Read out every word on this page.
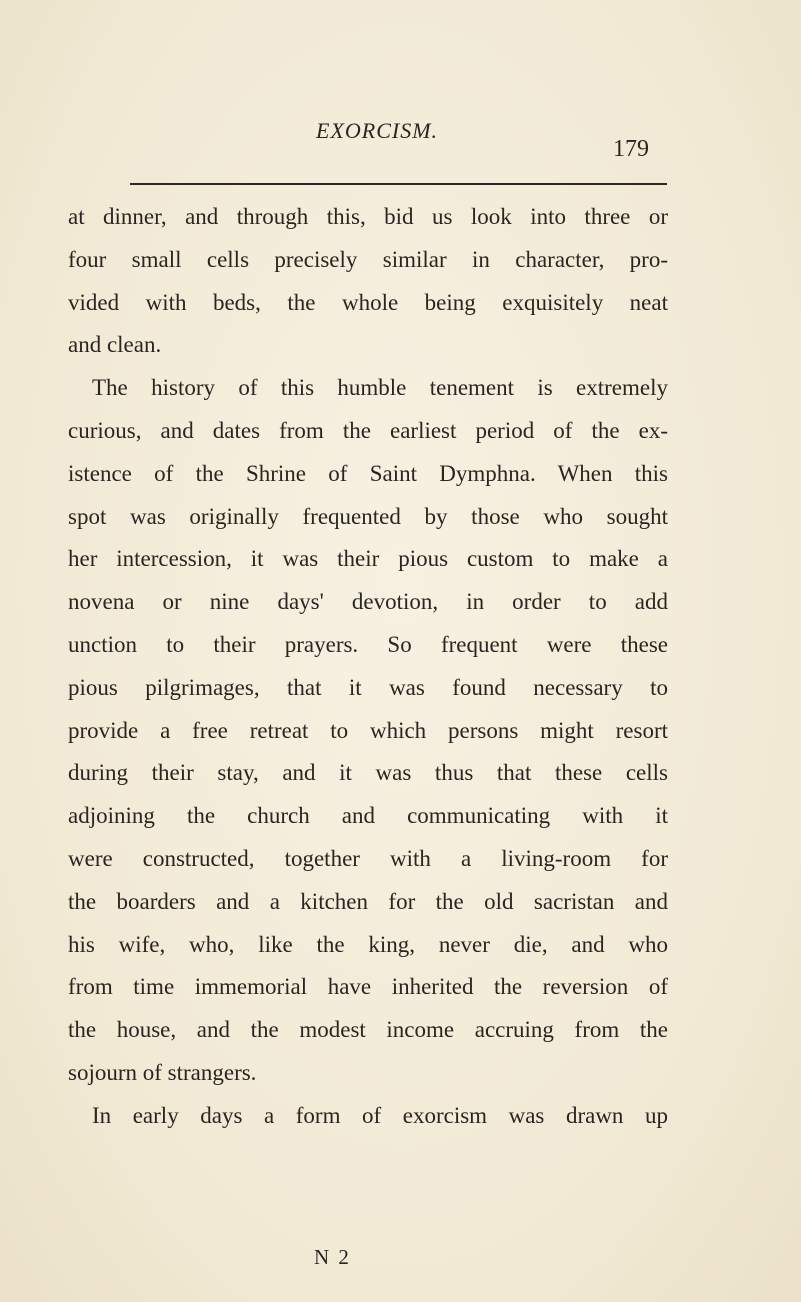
EXORCISM.
179
at dinner, and through this, bid us look into three or
four small cells precisely similar in character, pro-
vided with beds, the whole being exquisitely neat
and clean.
The history of this humble tenement is extremely
curious, and dates from the earliest period of the ex-
istence of the Shrine of Saint Dymphna. When this
spot was originally frequented by those who sought
her intercession, it was their pious custom to make a
novena or nine days' devotion, in order to add
unction to their prayers. So frequent were these
pious pilgrimages, that it was found necessary to
provide a free retreat to which persons might resort
during their stay, and it was thus that these cells
adjoining the church and communicating with it
were constructed, together with a living-room for
the boarders and a kitchen for the old sacristan and
his wife, who, like the king, never die, and who
from time immemorial have inherited the reversion of
the house, and the modest income accruing from the
sojourn of strangers.
In early days a form of exorcism was drawn up
N 2
